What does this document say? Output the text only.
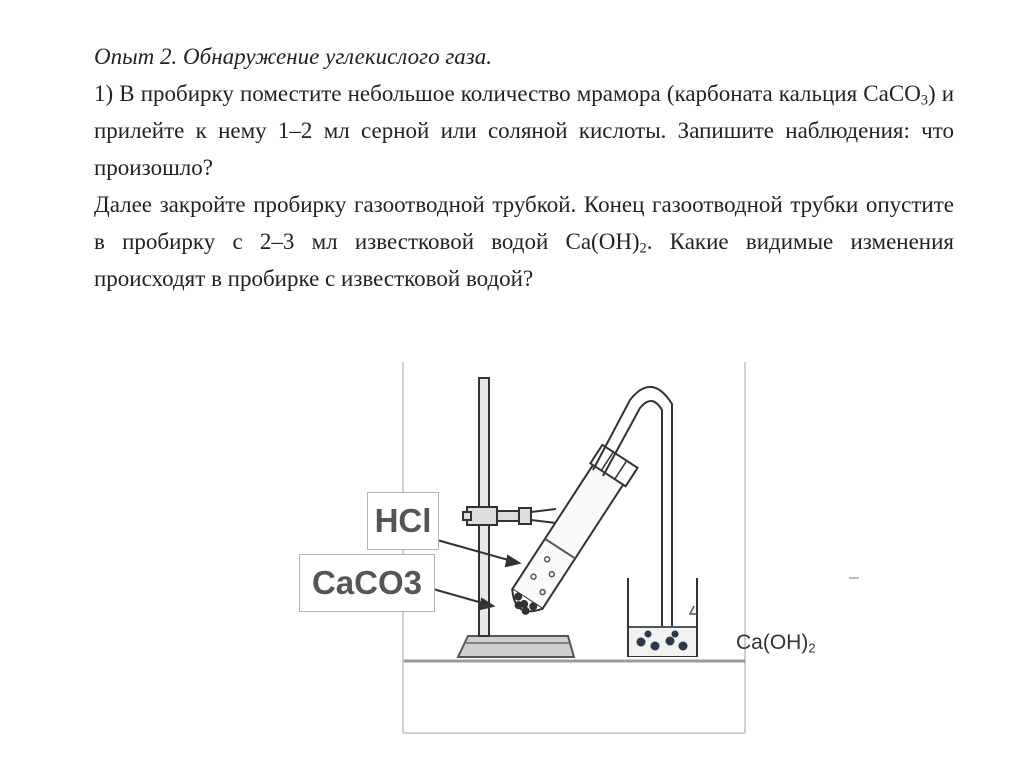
Опыт 2. Обнаружение углекислого газа.

1) В пробирку поместите небольшое количество мрамора (карбоната кальция CaCO$_3$) и прилейте к нему 1–2 мл серной или соляной кислоты. Запишите наблюдения: что произошло?

Далее закройте пробирку газоотводной трубкой. Конец газоотводной трубки опустите в пробирку с 2–3 мл известковой водой $Ca(OH)_2$. Какие видимые изменения происходят в пробирке с известковой водой?

HCl
CaCO3
$Ca(OH)_2$
